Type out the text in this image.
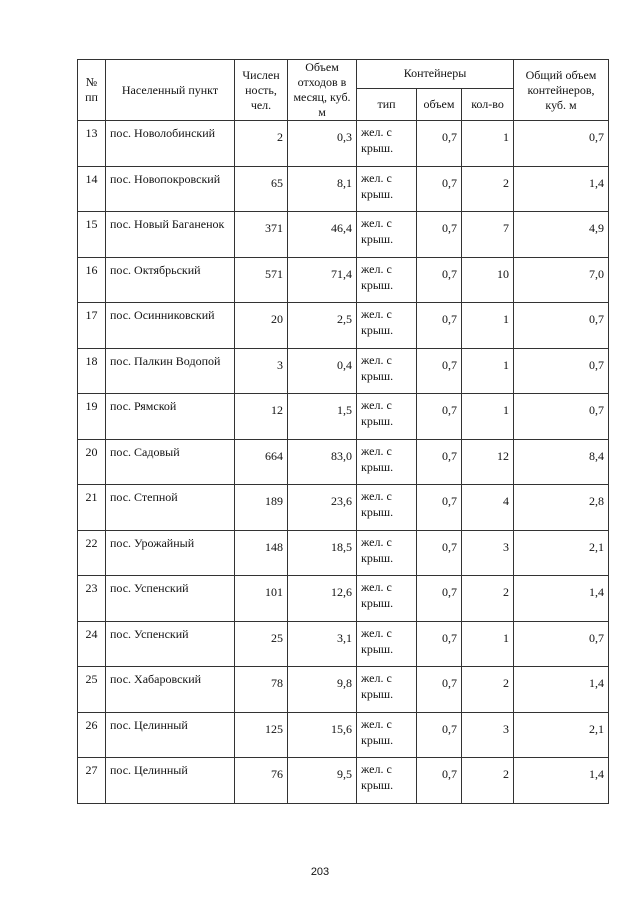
№ пп	Населенный пункт	Числен ность, чел.	Объем отходов в месяц, куб. м	Контейнеры			Общий объем контейнеров, куб. м
				тип	объем	кол-во	
13	пос. Новолобинский	2	0,3	жел. с крыш.	0,7	1	0,7
14	пос. Новопокровский	65	8,1	жел. с крыш.	0,7	2	1,4
15	пос. Новый Баганенок	371	46,4	жел. с крыш.	0,7	7	4,9
16	пос. Октябрьский	571	71,4	жел. с крыш.	0,7	10	7,0
17	пос. Осинниковский	20	2,5	жел. с крыш.	0,7	1	0,7
18	пос. Палкин Водопой	3	0,4	жел. с крыш.	0,7	1	0,7
19	пос. Рямской	12	1,5	жел. с крыш.	0,7	1	0,7
20	пос. Садовый	664	83,0	жел. с крыш.	0,7	12	8,4
21	пос. Степной	189	23,6	жел. с крыш.	0,7	4	2,8
22	пос. Урожайный	148	18,5	жел. с крыш.	0,7	3	2,1
23	пос. Успенский	101	12,6	жел. с крыш.	0,7	2	1,4
24	пос. Успенский	25	3,1	жел. с крыш.	0,7	1	0,7
25	пос. Хабаровский	78	9,8	жел. с крыш.	0,7	2	1,4
26	пос. Целинный	125	15,6	жел. с крыш.	0,7	3	2,1
27	пос. Целинный	76	9,5	жел. с крыш.	0,7	2	1,4
203
